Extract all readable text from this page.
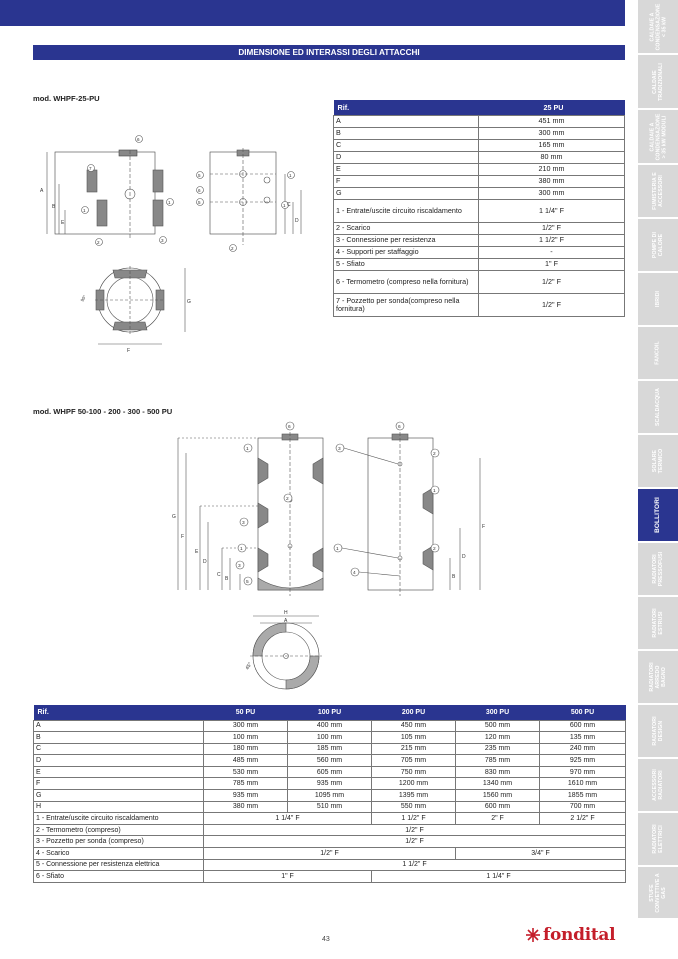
CALDAIE A CONDENSAZIONE < 35 kW
CALDAIE TRADIZIONALI
CALDAIE A CONDENSAZIONE > 35 kW MODULI
FUMISTERIA E ACCESSORI
POMPE DI CALORE
IBRIDI
FANCOIL
SCALDACQUA
SOLARE TERMICO
BOLLITORI
RADIATORI PRESSOFUSI
RADIATORI ESTRUSI
RADIATORI ARREDO BAGNO
RADIATORI DESIGN
ACCESSORI RADIATORI
RADIATORI ELETTRICI
STUFE CONVETTIVE A GAS
DIMENSIONE ED INTERASSI DEGLI ATTACCHI
mod. WHPF-25-PU
mod. WHPF 50-100 - 200 - 300 - 500 PU
6
7
1
1
3
2
5
6
5
1
1
2
A
B
E
C
D
F
G
90°
Rif.	25 PU
A	451 mm
B	300 mm
C	165 mm
D	80 mm
E	210 mm
F	380 mm
G	300 mm
1 - Entrate/uscite circuito riscaldamento	1 1/4" F
2 - Scarico	1/2" F
3 - Connessione per resistenza	1 1/2" F
4 - Supporti per staffaggio	-
5 - Sfiato	1" F
6 - Termometro (compreso nella fornitura)	1/2" F
7 - Pozzetto per sonda(compreso nella fornitura)	1/2" F
G
F
E
D
C
B
F
D
B
6	6
1	3
2
3
2
1
3
5
1	2
1
4
H
A
45°
Rif.	50 PU	100 PU	200 PU	300 PU	500 PU
A	300 mm	400 mm	450 mm	500 mm	600 mm
B	100 mm	100 mm	105 mm	120 mm	135 mm
C	180 mm	185 mm	215 mm	235 mm	240 mm
D	485 mm	560 mm	705 mm	785 mm	925 mm
E	530 mm	605 mm	750 mm	830 mm	970 mm
F	785 mm	935 mm	1200 mm	1340 mm	1610 mm
G	935 mm	1095 mm	1395 mm	1560 mm	1855 mm
H	380 mm	510 mm	550 mm	600 mm	700 mm
1 - Entrate/uscite circuito riscaldamento	1 1/4" F		1 1/2" F	2" F	2 1/2" F
2 - Termometro (compreso)	1/2" F				
3 - Pozzetto per sonda (compreso)	1/2" F				
4 - Scarico	1/2" F			3/4" F	
5 - Connessione per resistenza elettrica	1 1/2" F				
6 - Sfiato	1" F		1 1/4" F		
43	fondital
